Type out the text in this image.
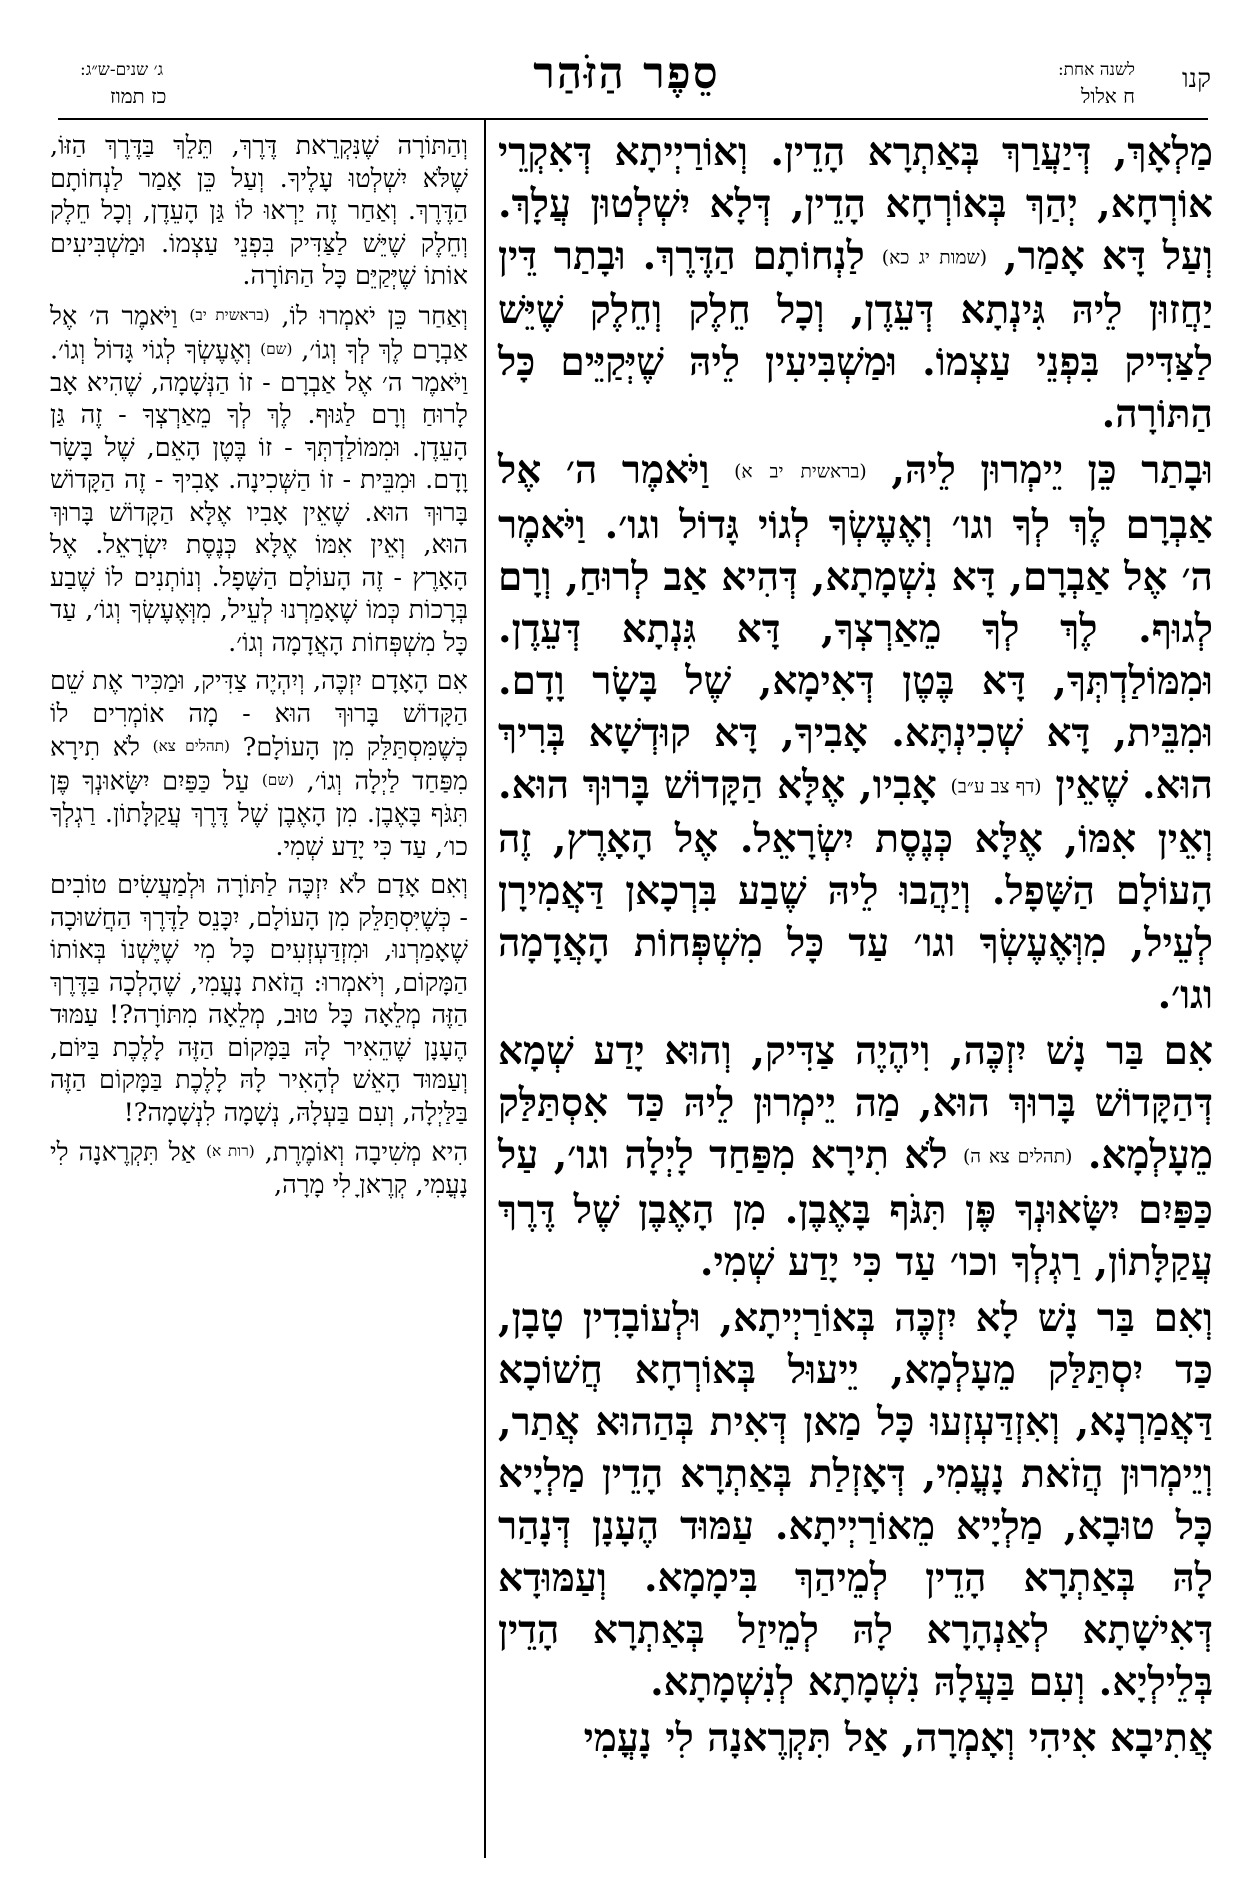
קנו
לשנה אחת:
ח אלול
סֵפֶר הַזֹּהַר
ג׳ שנים-ש״ג:
כז תמוז

מַלְאָךְ, דְּיַעֲרַךְ בְּאַתְרָא הָדֵין. וְאוֹרַיְיתָא דְּאִקְרֵי אוֹרְחָא, יְהַךְ בְּאוֹרְחָא הָדֵין, דְּלָא יִשְׁלְטוּן עֲלָךְ. וְעַל דָּא אָמַר, (שמות יג כא) לַנְחוֹתָם הַדֶּרֶךְ. וּבָתַר דֵּין יַחֲזוּן לֵיהּ גִּינְתָא דְּעֵדֶן, וְכָל חֵלֶק וְחֵלֶק שֶׁיֵּשׁ לַצַּדִּיק בִּפְנֵי עַצְמוֹ. וּמַשְׁבִּיעִין לֵיהּ שֶׁיְּקַיֵּים כָּל הַתּוֹרָה.

וּבָתַר כֵּן יֵימְרוּן לֵיהּ, (בראשית יב א) וַיֹּאמֶר ה׳ אֶל אַבְרָם לֶךְ לְךָ וגו׳ וְאֶעֶשְׂךָ לְגוֹי גָּדוֹל וגו׳. וַיֹּאמֶר ה׳ אֶל אַבְרָם, דָּא נִשְׁמָתָא, דְּהִיא אַב לְרוּחַ, וְרָם לְגוּף. לֶךְ לְךָ מֵאַרְצְךָ, דָּא גִּנְתָא דְּעֵדֶן. וּמִמּוֹלַדְתְּךָ, דָּא בֶּטֶן דְּאִימָא, שֶׁל בָּשָׂר וָדָם. וּמִבֵּית, דָּא שְׁכִינְתָּא. אָבִיךָ, דָּא קוּדְשָׁא בְּרִיךְ הוּא. שֶׁאֵין (דף צב ע״ב) אָבִיו, אֶלָּא הַקָּדוֹשׁ בָּרוּךְ הוּא. וְאֵין אִמּוֹ, אֶלָּא כְּנֶסֶת יִשְׂרָאֵל. אֶל הָאָרֶץ, זֶה הָעוֹלָם הַשָּׁפָל. וְיַהֲבוּ לֵיהּ שֶׁבַע בִּרְכָאן דַּאֲמִירָן לְעֵיל, מִוְּאֶעֶשְׂךָ וגו׳ עַד כָּל מִשְׁפְּחוֹת הָאֲדָמָה וגו׳.

אִם בַּר נָשׁ יִזְכֶּה, וִיהֶיֶה צַדִּיק, וְהוּא יָדַע שְׁמָא דְּהַקָּדוֹשׁ בָּרוּךְ הוּא, מַה יֵימְרוּן לֵיהּ כַּד אִסְתַּלַּק מֵעָלְמָא. (תהלים צא ה) לֹא תִירָא מִפַּחַד לָיְלָה וגו׳, עַל כַּפַּיִם יִשָּׂאוּנְךָ פֶּן תִּגֹּף בָּאֶבֶן. מִן הָאֶבֶן שֶׁל דֶּרֶךְ עֲקַלָּתוֹן, רַגְלְךָ וכו׳ עַד כִּי יָדַע שְׁמִי.

וְאִם בַּר נָשׁ לָא יִזְכֶּה בְּאוֹרַיְיתָא, וּלְעוֹבָדִין טָבָן, כַּד יִסְתַּלַּק מֵעָלְמָא, יֵיעוּל בְּאוֹרְחָא חֲשׁוֹכָא דַּאֲמַרְנָא, וְאִזְדַּעְזְעוּ כָּל מַאן דְּאִית בְּהַהוּא אֲתַר, וְיֵימְרוּן הֲזֹאת נָעֳמִי, דְּאָזְלַת בְּאַתְרָא הָדֵין מַלְיָיא כָּל טוּבָא, מַלְיָיא מֵאוֹרַיְיתָא. עַמּוּד הֶעָנָן דְּנָהַר לָהּ בְּאַתְרָא הָדֵין לְמֵיהַךְ בִּימָמָא. וְעַמּוּדָא דְּאִישָׁתָא לְאַנְהָרָא לָהּ לְמֵיזַל בְּאַתְרָא הָדֵין בְּלֵילְיָא. וְעִם בַּעֲלָהּ נִשְׁמָתָא לְנִשְׁמָתָא.

אֲתִיבָא אִיהִי וְאָמְרָה, אַל תִּקְרֶאנָה לִי נָעֳמִי

וְהַתּוֹרָה שֶׁנִּקְרֵאת דֶּרֶךְ, תֵּלֵךְ בַּדֶּרֶךְ הַזּוֹ, שֶׁלֹּא יִשְׁלְטוּ עָלֶיךָ. וְעַל כֵּן אָמַר לַנְחוֹתָם הַדֶּרֶךְ. וְאַחַר זֶה יַרְאוּ לוֹ גַּן הָעֵדֶן, וְכָל חֵלֶק וְחֵלֶק שֶׁיֵּשׁ לַצַּדִּיק בִּפְנֵי עַצְמוֹ. וּמַשְׁבִּיעִים אוֹתוֹ שֶׁיְּקַיֵּם כָּל הַתּוֹרָה.

וְאַחַר כֵּן יֹאמְרוּ לוֹ, (בראשית יב) וַיֹּאמֶר ה׳ אֶל אַבְרָם לֶךְ לְךָ וְגוֹ׳, (שם) וְאֶעֶשְׂךָ לְגוֹי גָּדוֹל וְגוֹ׳. וַיֹּאמֶר ה׳ אֶל אַבְרָם - זוֹ הַנְּשָׁמָה, שֶׁהִיא אָב לָרוּחַ וְרָם לַגּוּף. לֶךְ לְךָ מֵאַרְצְךָ - זֶה גַּן הָעֵדֶן. וּמִמּוֹלַדְתְּךָ - זוֹ בֶּטֶן הָאֵם, שֶׁל בָּשָׂר וָדָם. וּמִבֵּית - זוֹ הַשְּׁכִינָה. אָבִיךָ - זֶה הַקָּדוֹשׁ בָּרוּךְ הוּא. שֶׁאֵין אָבִיו אֶלָּא הַקָּדוֹשׁ בָּרוּךְ הוּא, וְאֵין אִמּוֹ אֶלָּא כְּנֶסֶת יִשְׂרָאֵל. אֶל הָאָרֶץ - זֶה הָעוֹלָם הַשָּׁפָל. וְנוֹתְנִים לוֹ שֶׁבַע בְּרָכוֹת כְּמוֹ שֶׁאָמַרְנוּ לְעֵיל, מִוְּאֶעֶשְׂךָ וְגוֹ׳, עַד כָּל מִשְׁפְּחוֹת הָאֲדָמָה וְגוֹ׳.

אִם הָאָדָם יִזְכֶּה, וְיִהְיֶה צַדִּיק, וּמַכִּיר אֶת שֵׁם הַקָּדוֹשׁ בָּרוּךְ הוּא - מָה אוֹמְרִים לוֹ כְּשֶׁמִּסְתַּלֵּק מִן הָעוֹלָם? (תהלים צא) לֹא תִירָא מִפַּחַד לַיְלָה וְגוֹ׳, (שם) עַל כַּפַּיִם יִשָּׂאוּנְךָ פֶּן תִּגֹּף בָּאֶבֶן. מִן הָאֶבֶן שֶׁל דֶּרֶךְ עֲקַלָּתוֹן. רַגְלְךָ כו׳, עַד כִּי יָדַע שְׁמִי.

וְאִם אָדָם לֹא יִזְכֶּה לַתּוֹרָה וּלְמַעֲשִׂים טוֹבִים - כְּשֶׁיִּסְתַּלֵּק מִן הָעוֹלָם, יִכָּנֵס לַדֶּרֶךְ הַחֲשׁוּכָה שֶׁאָמַרְנוּ, וּמִזְדַּעְזְעִים כָּל מִי שֶׁיֶּשְׁנוֹ בְּאוֹתוֹ הַמָּקוֹם, וְיֹאמְרוּ: הֲזֹאת נָעֳמִי, שֶׁהָלְכָה בַּדֶּרֶךְ הַזֶּה מְלֵאָה כָּל טוּב, מְלֵאָה מִתּוֹרָה?! עַמּוּד הֶעָנָן שֶׁהֵאִיר לָהּ בַּמָּקוֹם הַזֶּה לָלֶכֶת בַּיּוֹם, וְעַמּוּד הָאֵשׁ לְהָאִיר לָהּ לָלֶכֶת בַּמָּקוֹם הַזֶּה בַּלַּיְלָה, וְעִם בַּעְלָהּ, נְשָׁמָה לִנְשָׁמָה?!

הִיא מְשִׁיבָה וְאוֹמֶרֶת, (רות א) אַל תִּקְרֶאנָה לִי נָעֳמִי, קְרֶאןָ לִי מָרָה,
